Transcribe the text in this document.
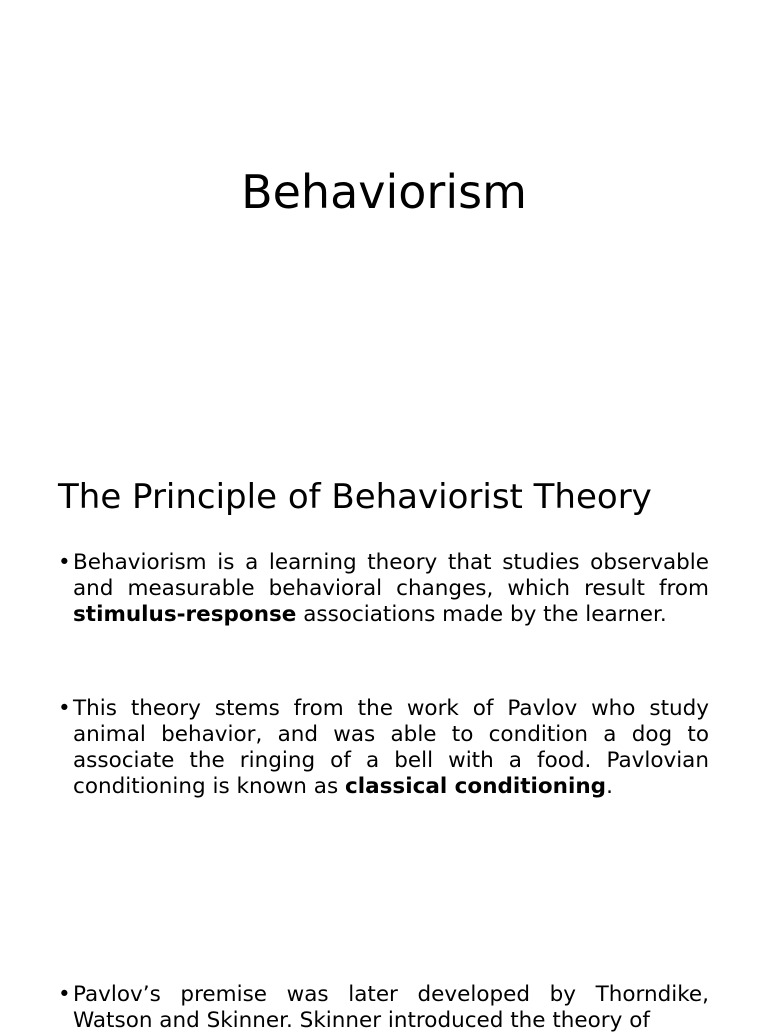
Behaviorism
The Principle of Behaviorist Theory
• Behaviorism is a learning theory that studies observable and measurable behavioral changes, which result from stimulus-response associations made by the learner.
• This theory stems from the work of Pavlov who study animal behavior, and was able to condition a dog to associate the ringing of a bell with a food. Pavlovian conditioning is known as classical conditioning.
• Pavlov’s premise was later developed by Thorndike, Watson and Skinner. Skinner introduced the theory of
